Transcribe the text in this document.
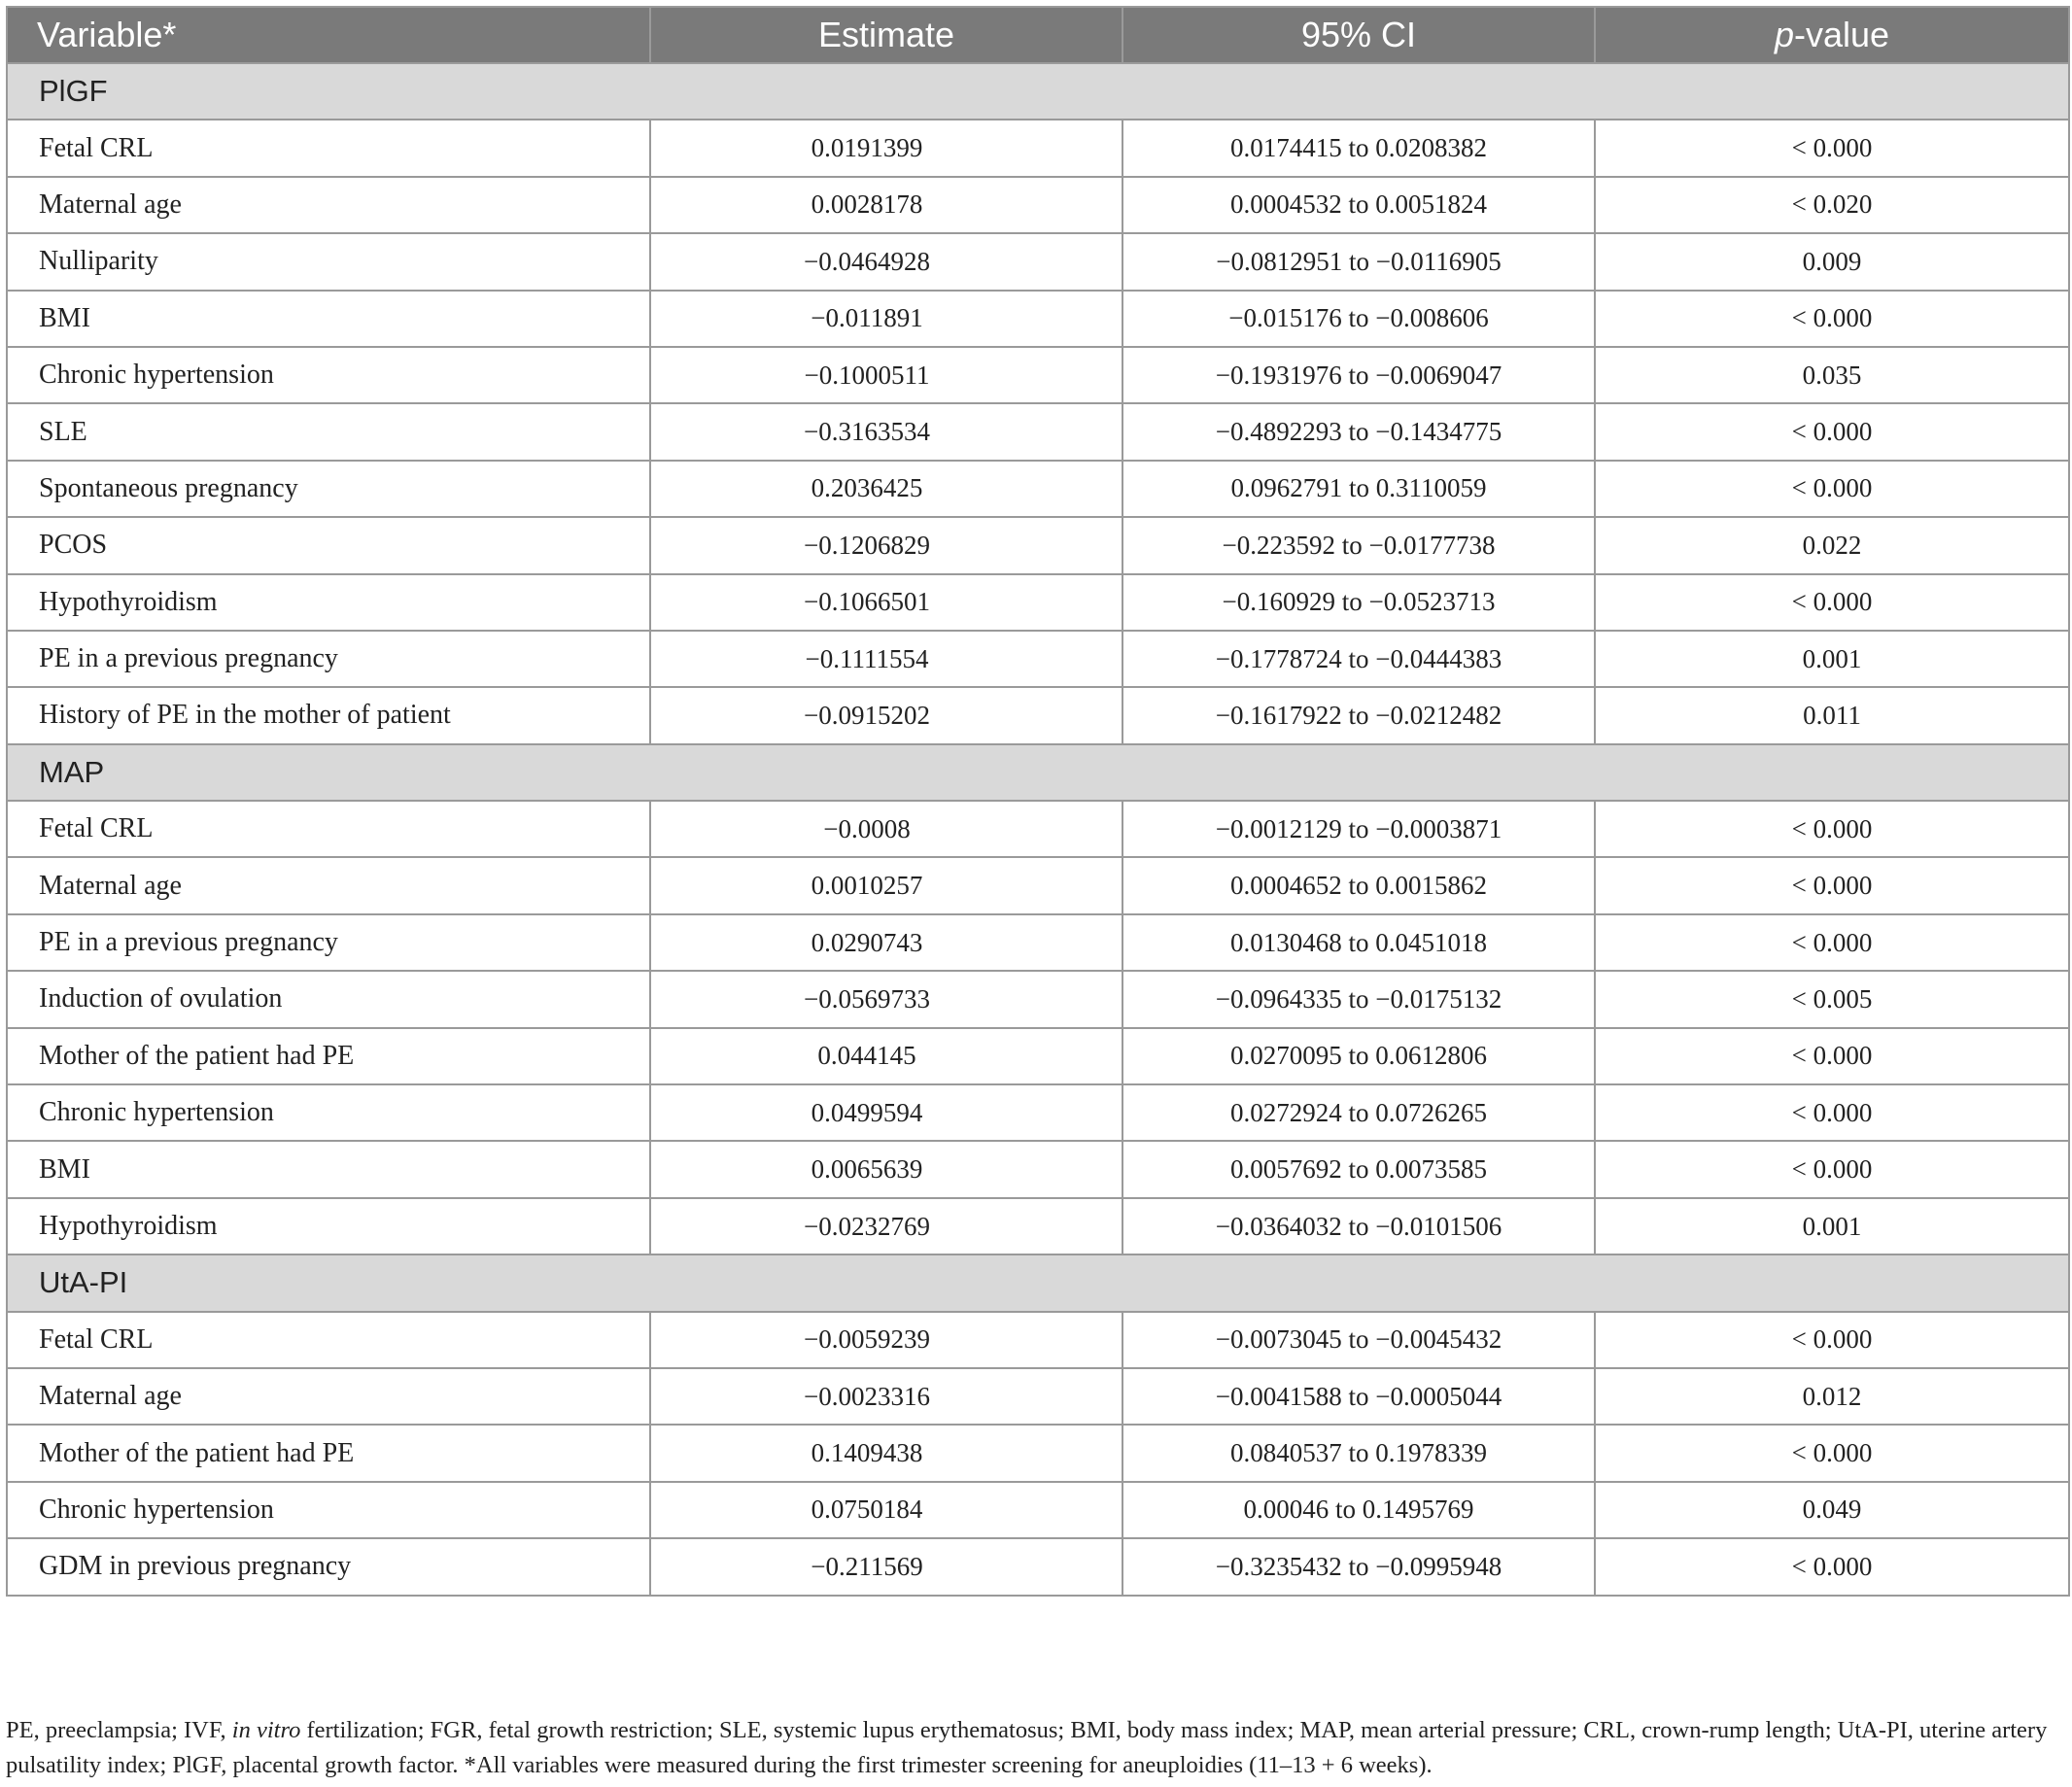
Variable*	Estimate	95% CI	p-value
PlGF			
Fetal CRL	0.0191399	0.0174415 to 0.0208382	< 0.000
Maternal age	0.0028178	0.0004532 to 0.0051824	< 0.020
Nulliparity	−0.0464928	−0.0812951 to −0.0116905	0.009
BMI	−0.011891	−0.015176 to −0.008606	< 0.000
Chronic hypertension	−0.1000511	−0.1931976 to −0.0069047	0.035
SLE	−0.3163534	−0.4892293 to −0.1434775	< 0.000
Spontaneous pregnancy	0.2036425	0.0962791 to 0.3110059	< 0.000
PCOS	−0.1206829	−0.223592 to −0.0177738	0.022
Hypothyroidism	−0.1066501	−0.160929 to −0.0523713	< 0.000
PE in a previous pregnancy	−0.1111554	−0.1778724 to −0.0444383	0.001
History of PE in the mother of patient	−0.0915202	−0.1617922 to −0.0212482	0.011
MAP			
Fetal CRL	−0.0008	−0.0012129 to −0.0003871	< 0.000
Maternal age	0.0010257	0.0004652 to 0.0015862	< 0.000
PE in a previous pregnancy	0.0290743	0.0130468 to 0.0451018	< 0.000
Induction of ovulation	−0.0569733	−0.0964335 to −0.0175132	< 0.005
Mother of the patient had PE	0.044145	0.0270095 to 0.0612806	< 0.000
Chronic hypertension	0.0499594	0.0272924 to 0.0726265	< 0.000
BMI	0.0065639	0.0057692 to 0.0073585	< 0.000
Hypothyroidism	−0.0232769	−0.0364032 to −0.0101506	0.001
UtA-PI			
Fetal CRL	−0.0059239	−0.0073045 to −0.0045432	< 0.000
Maternal age	−0.0023316	−0.0041588 to −0.0005044	0.012
Mother of the patient had PE	0.1409438	0.0840537 to 0.1978339	< 0.000
Chronic hypertension	0.0750184	0.00046 to 0.1495769	0.049
GDM in previous pregnancy	−0.211569	−0.3235432 to −0.0995948	< 0.000
PE, preeclampsia; IVF, in vitro fertilization; FGR, fetal growth restriction; SLE, systemic lupus erythematosus; BMI, body mass index; MAP, mean arterial pressure; CRL, crown-rump length; UtA-PI, uterine artery pulsatility index; PlGF, placental growth factor. *All variables were measured during the first trimester screening for aneuploidies (11–13 + 6 weeks).
